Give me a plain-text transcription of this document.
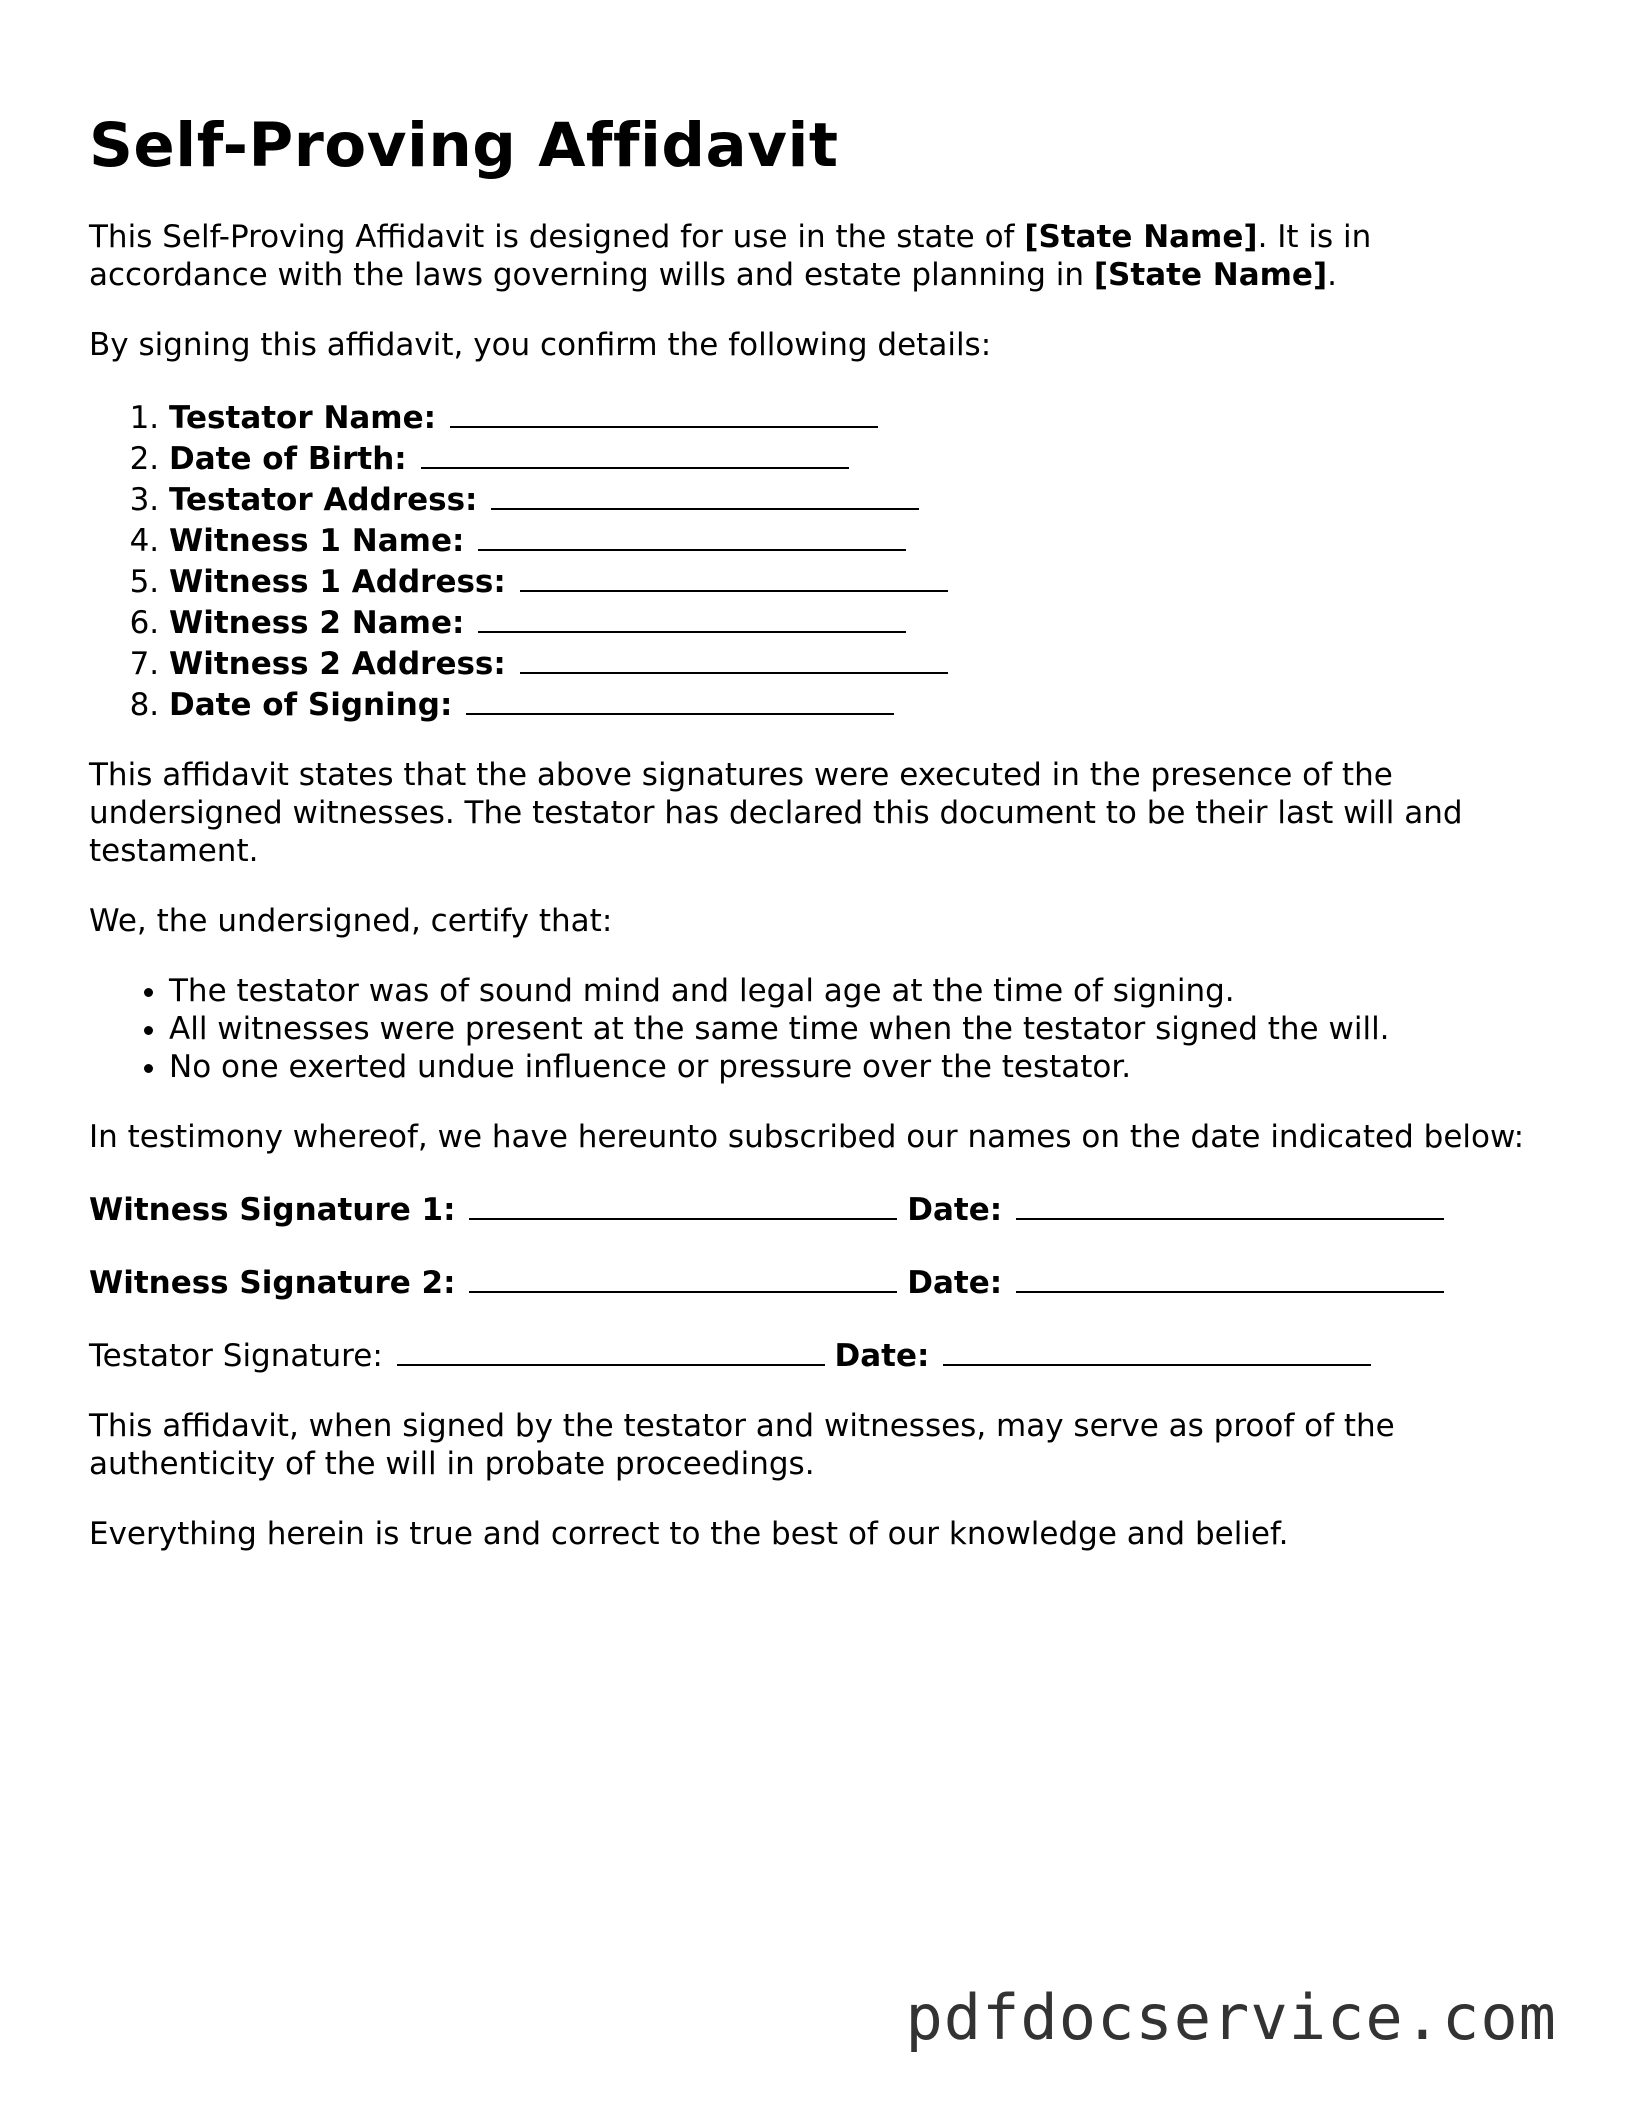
Self-Proving Affidavit

This Self-Proving Affidavit is designed for use in the state of [State Name]. It is in accordance with the laws governing wills and estate planning in [State Name].

By signing this affidavit, you confirm the following details:

1. Testator Name:
2. Date of Birth:
3. Testator Address:
4. Witness 1 Name:
5. Witness 1 Address:
6. Witness 2 Name:
7. Witness 2 Address:
8. Date of Signing:

This affidavit states that the above signatures were executed in the presence of the undersigned witnesses. The testator has declared this document to be their last will and testament.

We, the undersigned, certify that:

• The testator was of sound mind and legal age at the time of signing.
• All witnesses were present at the same time when the testator signed the will.
• No one exerted undue influence or pressure over the testator.

In testimony whereof, we have hereunto subscribed our names on the date indicated below:

Witness Signature 1:	Date:
Witness Signature 2:	Date:
Testator Signature:	Date:

This affidavit, when signed by the testator and witnesses, may serve as proof of the authenticity of the will in probate proceedings.

Everything herein is true and correct to the best of our knowledge and belief.

pdfdocservice.com
